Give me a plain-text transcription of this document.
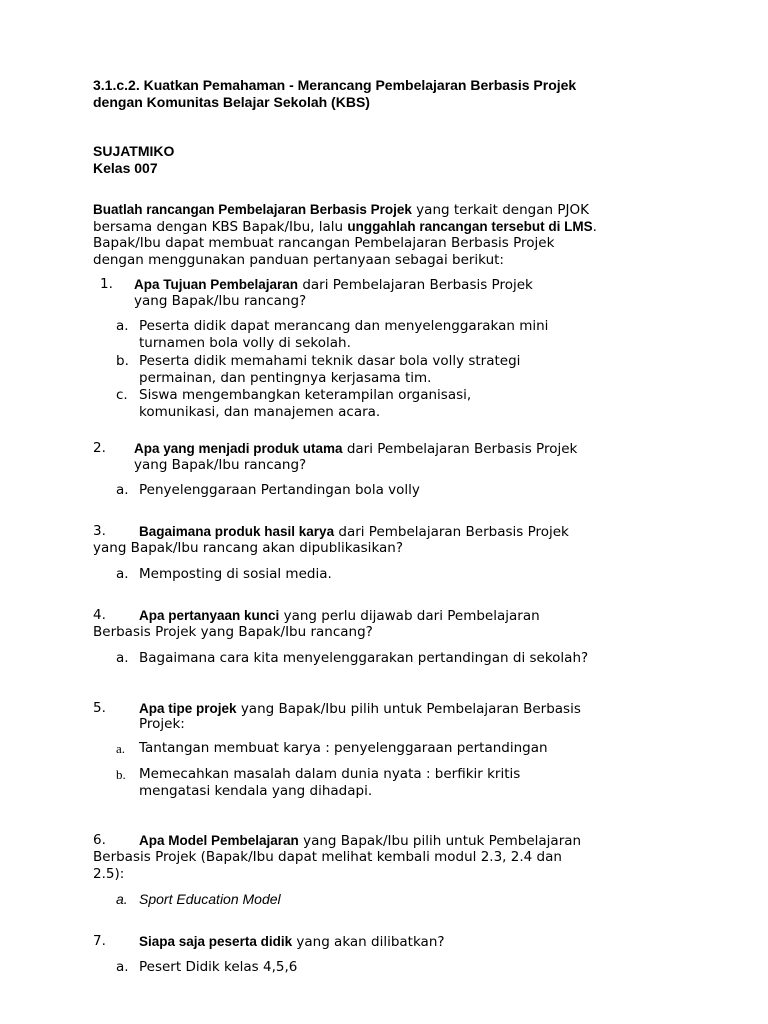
3.1.c.2. Kuatkan Pemahaman - Merancang Pembelajaran Berbasis Projek
dengan Komunitas Belajar Sekolah (KBS)
SUJATMIKO
Kelas 007
Buatlah rancangan Pembelajaran Berbasis Projek yang terkait dengan PJOK
bersama dengan KBS Bapak/Ibu, lalu unggahlah rancangan tersebut di LMS.
Bapak/Ibu dapat membuat rancangan Pembelajaran Berbasis Projek
dengan menggunakan panduan pertanyaan sebagai berikut:
1. Apa Tujuan Pembelajaran dari Pembelajaran Berbasis Projek
yang Bapak/Ibu rancang?
a. Peserta didik dapat merancang dan menyelenggarakan mini
turnamen bola volly di sekolah.
b. Peserta didik memahami teknik dasar bola volly strategi
permainan, dan pentingnya kerjasama tim.
c. Siswa mengembangkan keterampilan organisasi,
komunikasi, dan manajemen acara.
2. Apa yang menjadi produk utama dari Pembelajaran Berbasis Projek
yang Bapak/Ibu rancang?
a. Penyelenggaraan Pertandingan bola volly
3. Bagaimana produk hasil karya dari Pembelajaran Berbasis Projek
yang Bapak/Ibu rancang akan dipublikasikan?
a. Memposting di sosial media.
4. Apa pertanyaan kunci yang perlu dijawab dari Pembelajaran
Berbasis Projek yang Bapak/Ibu rancang?
a. Bagaimana cara kita menyelenggarakan pertandingan di sekolah?
5. Apa tipe projek yang Bapak/Ibu pilih untuk Pembelajaran Berbasis
Projek:
a. Tantangan membuat karya : penyelenggaraan pertandingan
b. Memecahkan masalah dalam dunia nyata : berfikir kritis
mengatasi kendala yang dihadapi.
6. Apa Model Pembelajaran yang Bapak/Ibu pilih untuk Pembelajaran
Berbasis Projek (Bapak/Ibu dapat melihat kembali modul 2.3, 2.4 dan
2.5):
a. Sport Education Model
7. Siapa saja peserta didik yang akan dilibatkan?
a. Pesert Didik kelas 4,5,6
